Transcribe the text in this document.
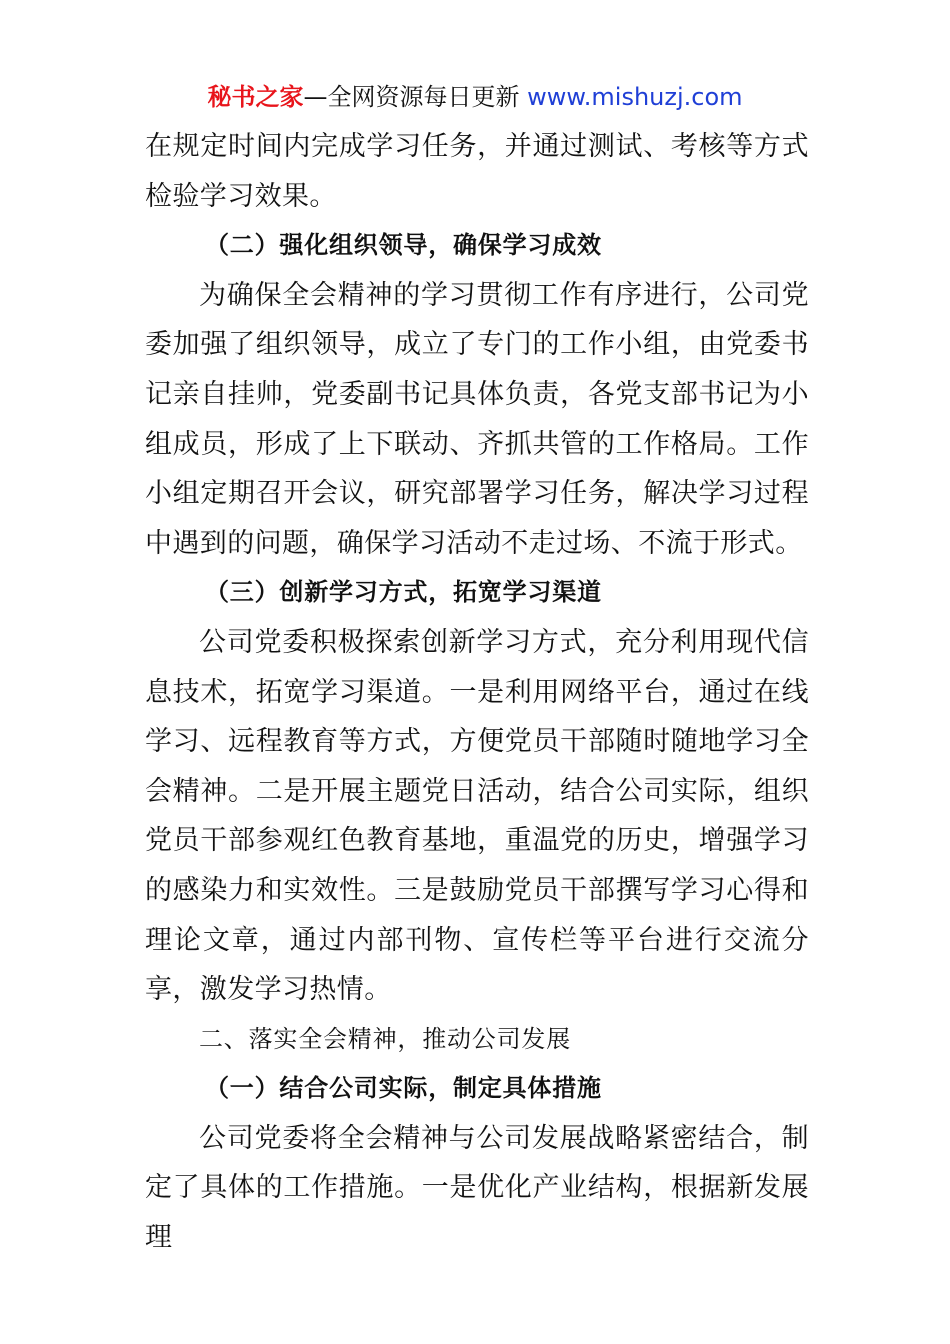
秘书之家—全网资源每日更新 www.mishuzj.com

在规定时间内完成学习任务，并通过测试、考核等方式检验学习效果。

（二）强化组织领导，确保学习成效

为确保全会精神的学习贯彻工作有序进行，公司党委加强了组织领导，成立了专门的工作小组，由党委书记亲自挂帅，党委副书记具体负责，各党支部书记为小组成员，形成了上下联动、齐抓共管的工作格局。工作小组定期召开会议，研究部署学习任务，解决学习过程中遇到的问题，确保学习活动不走过场、不流于形式。

（三）创新学习方式，拓宽学习渠道

公司党委积极探索创新学习方式，充分利用现代信息技术，拓宽学习渠道。一是利用网络平台，通过在线学习、远程教育等方式，方便党员干部随时随地学习全会精神。二是开展主题党日活动，结合公司实际，组织党员干部参观红色教育基地，重温党的历史，增强学习的感染力和实效性。三是鼓励党员干部撰写学习心得和理论文章，通过内部刊物、宣传栏等平台进行交流分享，激发学习热情。

二、落实全会精神，推动公司发展

（一）结合公司实际，制定具体措施

公司党委将全会精神与公司发展战略紧密结合，制定了具体的工作措施。一是优化产业结构，根据新发展理
